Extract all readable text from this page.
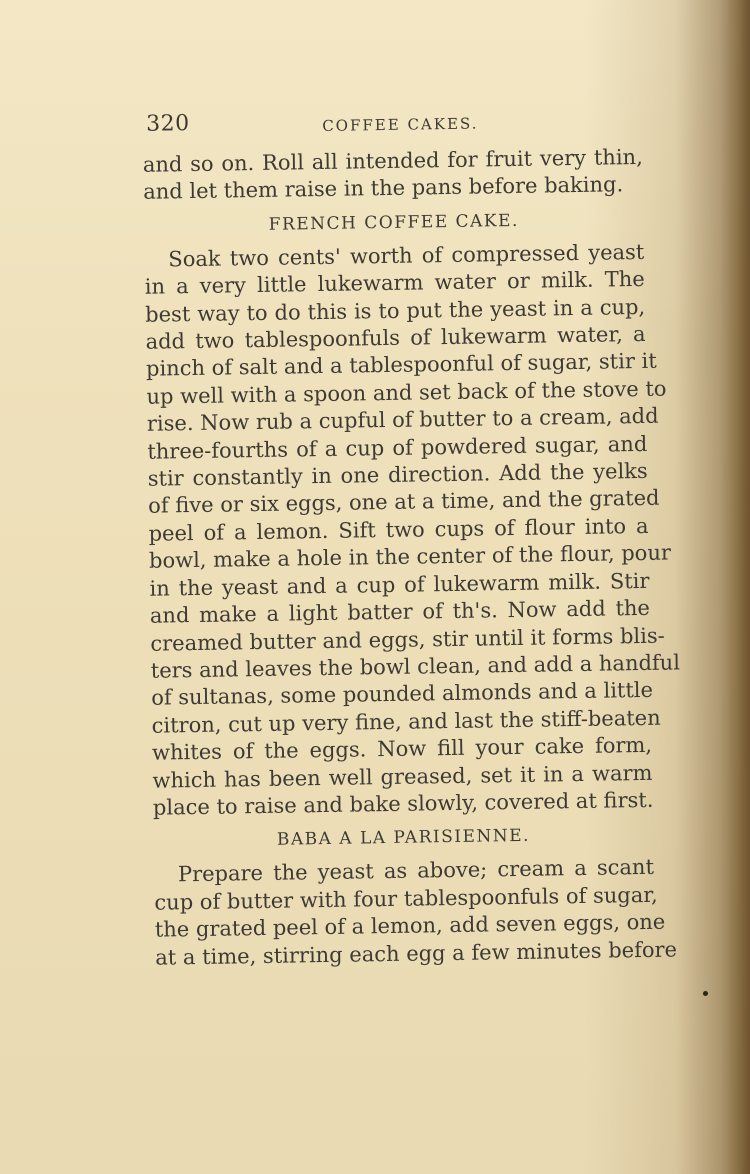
320	COFFEE CAKES.
and so on. Roll all intended for fruit very thin,
and let them raise in the pans before baking.
FRENCH COFFEE CAKE.
Soak two cents' worth of compressed yeast
in a very little lukewarm water or milk. The
best way to do this is to put the yeast in a cup,
add two tablespoonfuls of lukewarm water, a
pinch of salt and a tablespoonful of sugar, stir it
up well with a spoon and set back of the stove to
rise. Now rub a cupful of butter to a cream, add
three-fourths of a cup of powdered sugar, and
stir constantly in one direction. Add the yelks
of five or six eggs, one at a time, and the grated
peel of a lemon. Sift two cups of flour into a
bowl, make a hole in the center of the flour, pour
in the yeast and a cup of lukewarm milk. Stir
and make a light batter of th's. Now add the
creamed butter and eggs, stir until it forms blis-
ters and leaves the bowl clean, and add a handful
of sultanas, some pounded almonds and a little
citron, cut up very fine, and last the stiff-beaten
whites of the eggs. Now fill your cake form,
which has been well greased, set it in a warm
place to raise and bake slowly, covered at first.
BABA A LA PARISIENNE.
Prepare the yeast as above; cream a scant
cup of butter with four tablespoonfuls of sugar,
the grated peel of a lemon, add seven eggs, one
at a time, stirring each egg a few minutes before
